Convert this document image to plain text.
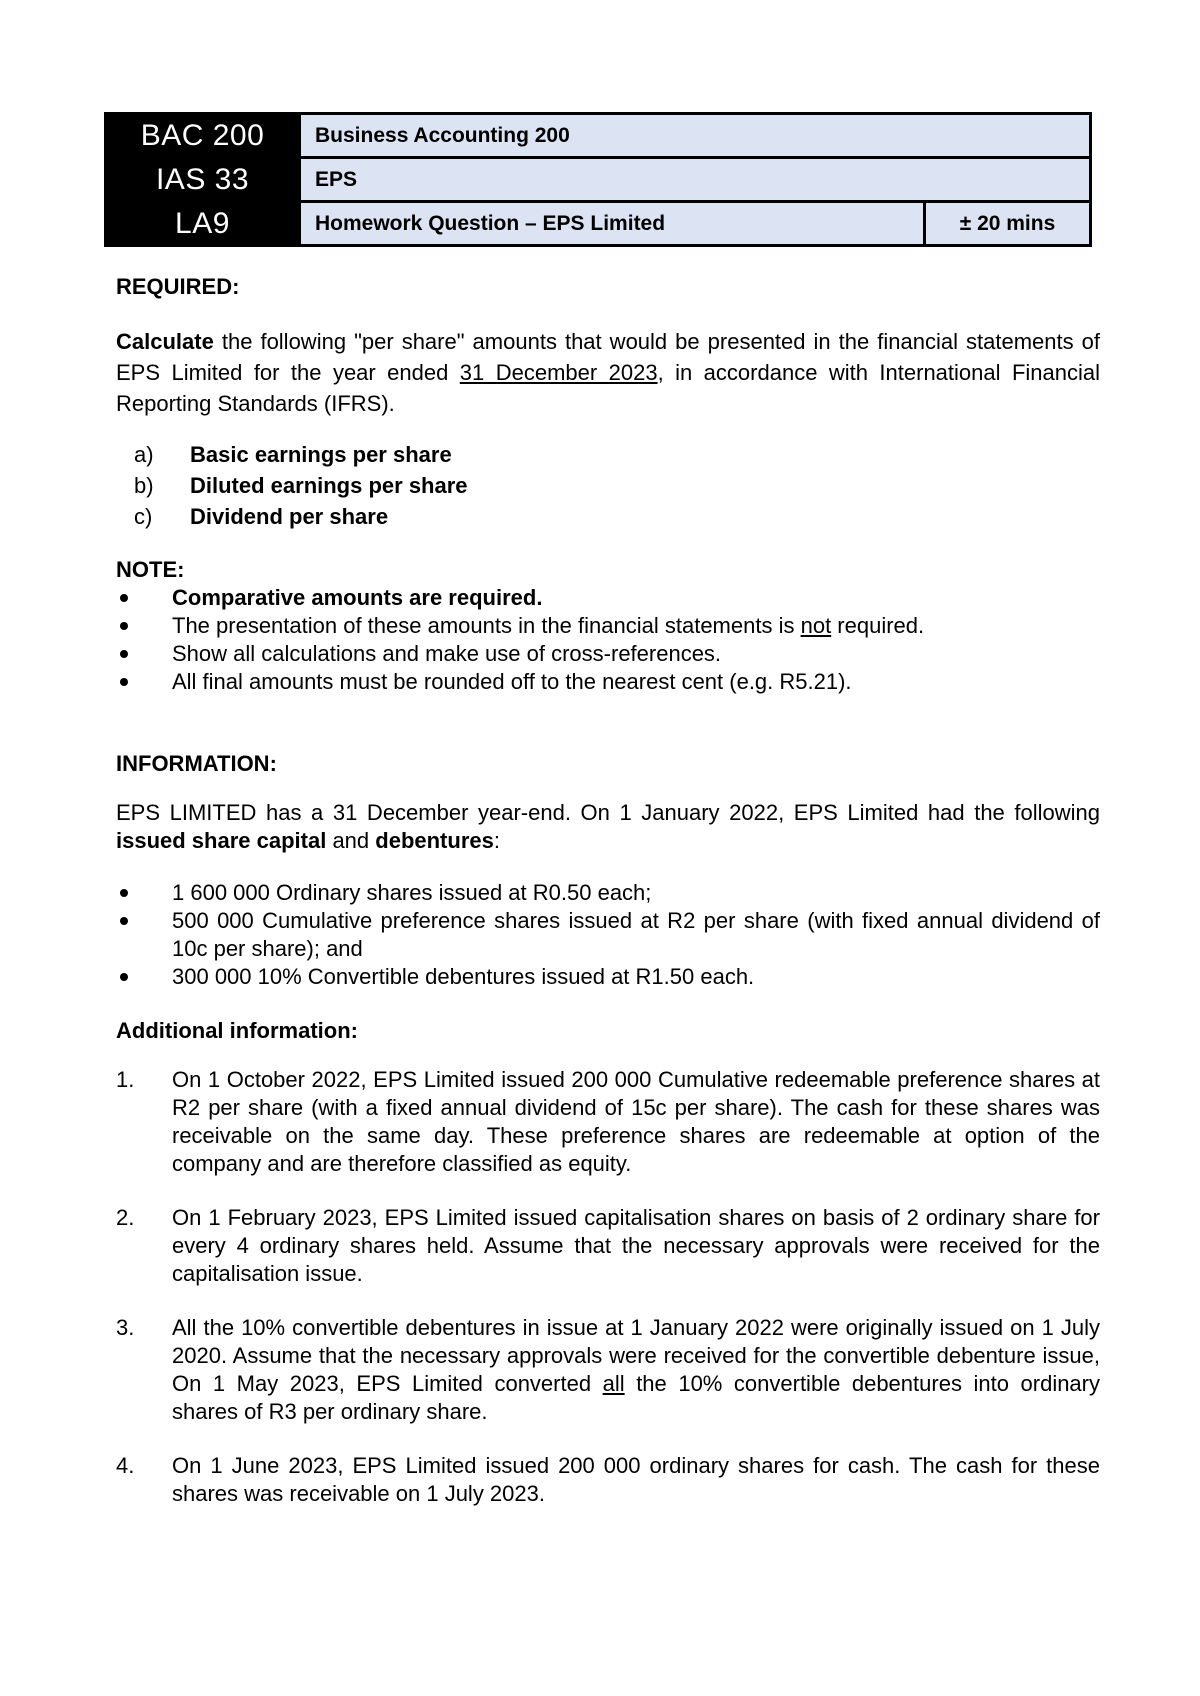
BAC 200	Business Accounting 200	
IAS 33	EPS	
LA9	Homework Question – EPS Limited	± 20 mins

REQUIRED:

Calculate the following "per share" amounts that would be presented in the financial statements of EPS Limited for the year ended 31 December 2023, in accordance with International Financial Reporting Standards (IFRS).

a)	Basic earnings per share
b)	Diluted earnings per share
c)	Dividend per share

NOTE:

Comparative amounts are required.
The presentation of these amounts in the financial statements is not required.
Show all calculations and make use of cross-references.
All final amounts must be rounded off to the nearest cent (e.g. R5.21).

INFORMATION:

EPS LIMITED has a 31 December year-end. On 1 January 2022, EPS Limited had the following issued share capital and debentures:

1 600 000 Ordinary shares issued at R0.50 each;
500 000 Cumulative preference shares issued at R2 per share (with fixed annual dividend of 10c per share); and
300 000 10% Convertible debentures issued at R1.50 each.

Additional information:

1.	On 1 October 2022, EPS Limited issued 200 000 Cumulative redeemable preference shares at R2 per share (with a fixed annual dividend of 15c per share). The cash for these shares was receivable on the same day. These preference shares are redeemable at option of the company and are therefore classified as equity.
2.	On 1 February 2023, EPS Limited issued capitalisation shares on basis of 2 ordinary share for every 4 ordinary shares held. Assume that the necessary approvals were received for the capitalisation issue.
3.	All the 10% convertible debentures in issue at 1 January 2022 were originally issued on 1 July 2020. Assume that the necessary approvals were received for the convertible debenture issue, On 1 May 2023, EPS Limited converted all the 10% convertible debentures into ordinary shares of R3 per ordinary share.
4.	On 1 June 2023, EPS Limited issued 200 000 ordinary shares for cash. The cash for these shares was receivable on 1 July 2023.
